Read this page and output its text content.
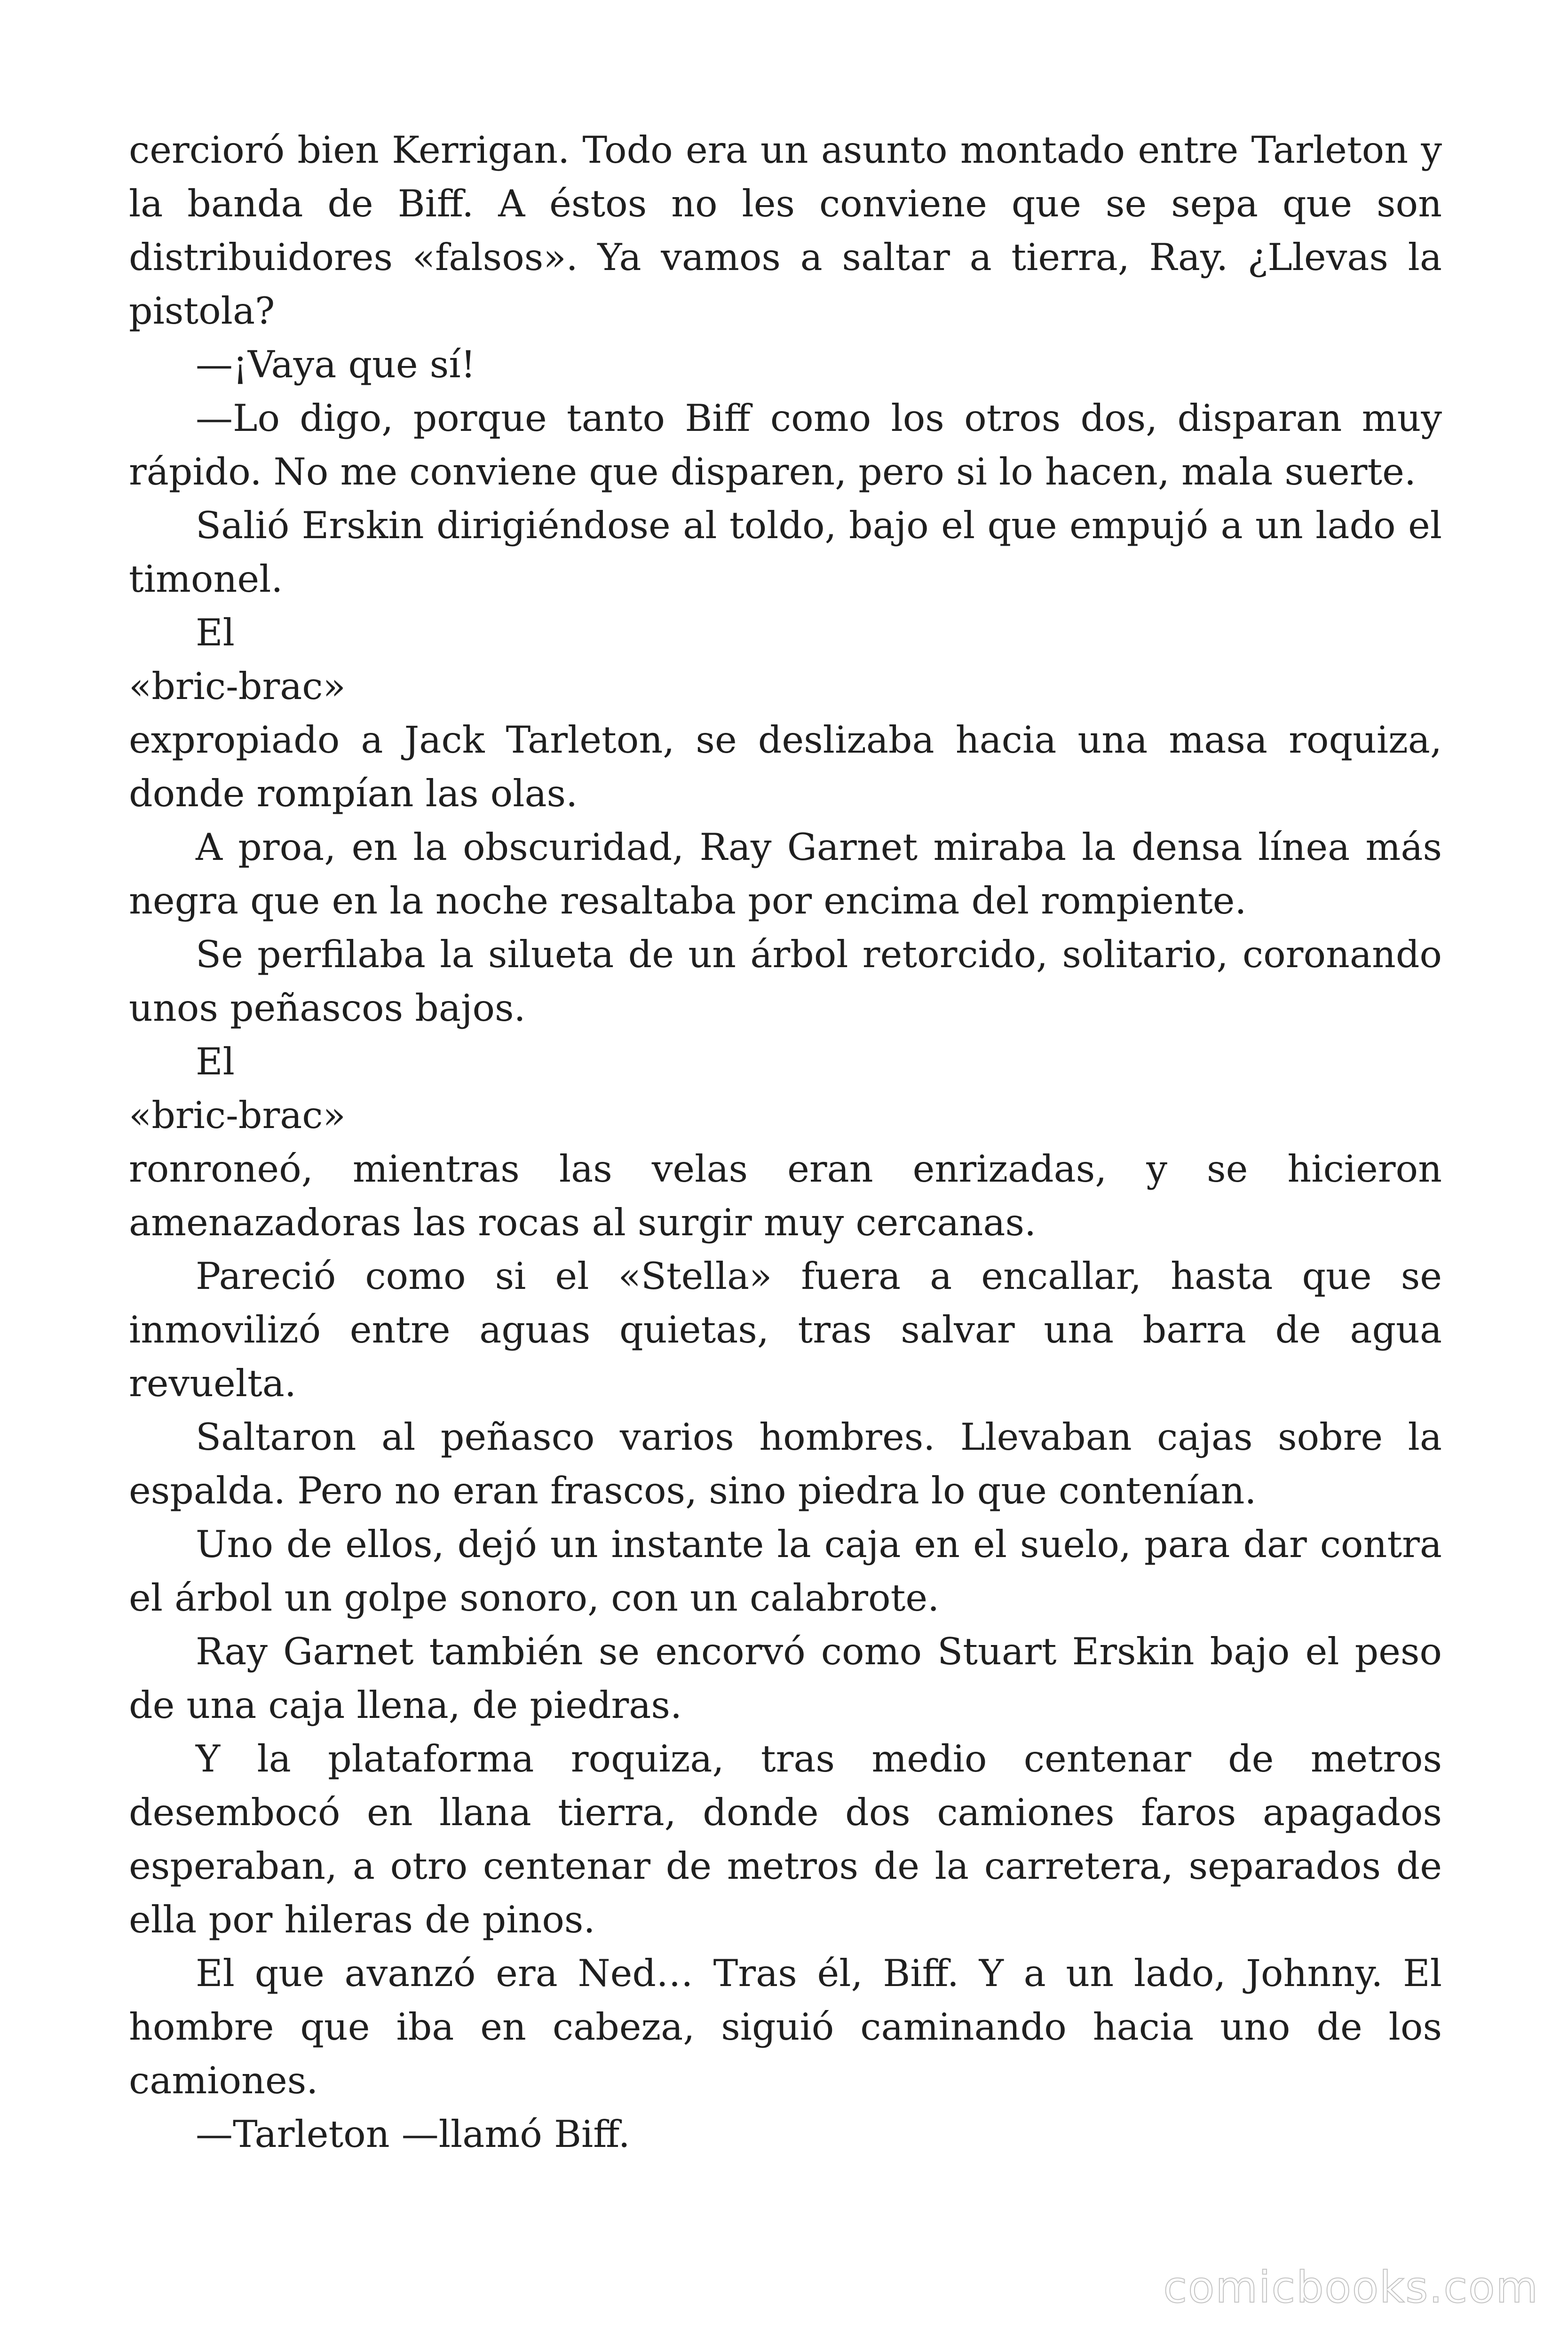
cercioró bien Kerrigan. Todo era un asunto montado entre Tarleton y la banda de Biff. A éstos no les conviene que se sepa que son distribuidores «falsos». Ya vamos a saltar a tierra, Ray. ¿Llevas la pistola?

—¡Vaya que sí!

—Lo digo, porque tanto Biff como los otros dos, disparan muy rápido. No me conviene que disparen, pero si lo hacen, mala suerte.

Salió Erskin dirigiéndose al toldo, bajo el que empujó a un lado el timonel.

El

«bric-brac»

expropiado a Jack Tarleton, se deslizaba hacia una masa roquiza, donde rompían las olas.

A proa, en la obscuridad, Ray Garnet miraba la densa línea más negra que en la noche resaltaba por encima del rompiente.

Se perfilaba la silueta de un árbol retorcido, solitario, coronando unos peñascos bajos.

El

«bric-brac»

ronroneó, mientras las velas eran enrizadas, y se hicieron amenazadoras las rocas al surgir muy cercanas.

Pareció como si el «Stella» fuera a encallar, hasta que se inmovilizó entre aguas quietas, tras salvar una barra de agua revuelta.

Saltaron al peñasco varios hombres. Llevaban cajas sobre la espalda. Pero no eran frascos, sino piedra lo que contenían.

Uno de ellos, dejó un instante la caja en el suelo, para dar contra el árbol un golpe sonoro, con un calabrote.

Ray Garnet también se encorvó como Stuart Erskin bajo el peso de una caja llena, de piedras.

Y la plataforma roquiza, tras medio centenar de metros desembocó en llana tierra, donde dos camiones faros apagados esperaban, a otro centenar de metros de la carretera, separados de ella por hileras de pinos.

El que avanzó era Ned… Tras él, Biff. Y a un lado, Johnny. El hombre que iba en cabeza, siguió caminando hacia uno de los camiones.

—Tarleton —llamó Biff.

comicbooks.com
